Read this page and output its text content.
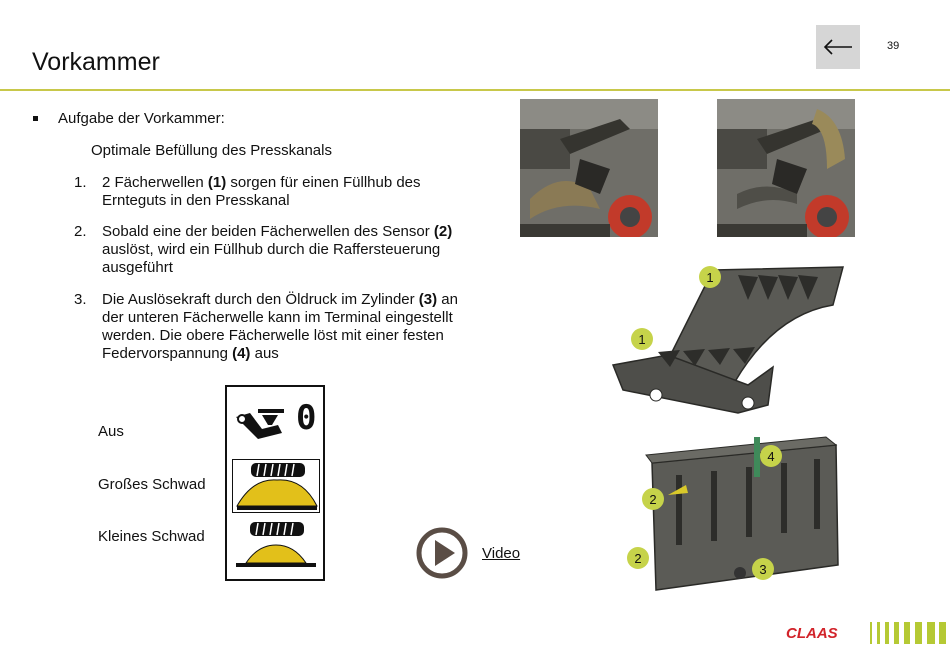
Vorkammer
39
Aufgabe der Vorkammer:
Optimale Befüllung des Presskanals
1. 2 Fächerwellen (1) sorgen für einen Füllhub des Ernteguts in den Presskanal
2. Sobald eine der beiden Fächerwellen des Sensor (2) auslöst, wird ein Füllhub durch die Raffersteuerung ausgeführt
3. Die Auslösekraft durch den Öldruck im Zylinder (3) an der unteren Fächerwelle kann im Terminal eingestellt werden. Die obere Fächerwelle löst mit einer festen Federvorspannung (4) aus
Aus
Großes Schwad
Kleines Schwad
0
Video
1
1
4
2
2
3
CLAAS
